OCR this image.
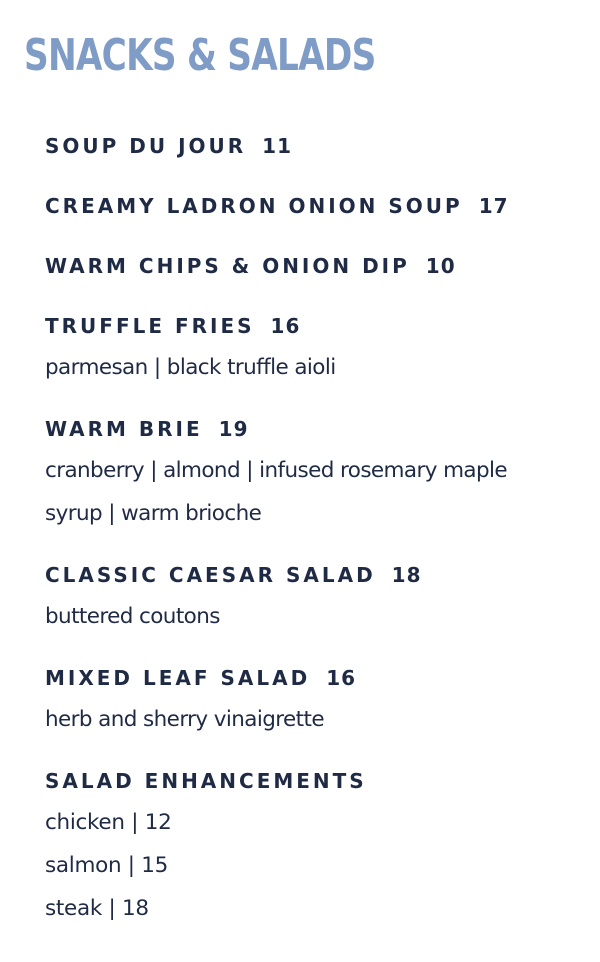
SNACKS & SALADS
SOUP DU JOUR 11
CREAMY LADRON ONION SOUP 17
WARM CHIPS & ONION DIP 10
TRUFFLE FRIES 16
parmesan | black truffle aioli
WARM BRIE 19
cranberry | almond | infused rosemary maple
syrup | warm brioche
CLASSIC CAESAR SALAD 18
buttered coutons
MIXED LEAF SALAD 16
herb and sherry vinaigrette
SALAD ENHANCEMENTS
chicken | 12
salmon | 15
steak | 18
